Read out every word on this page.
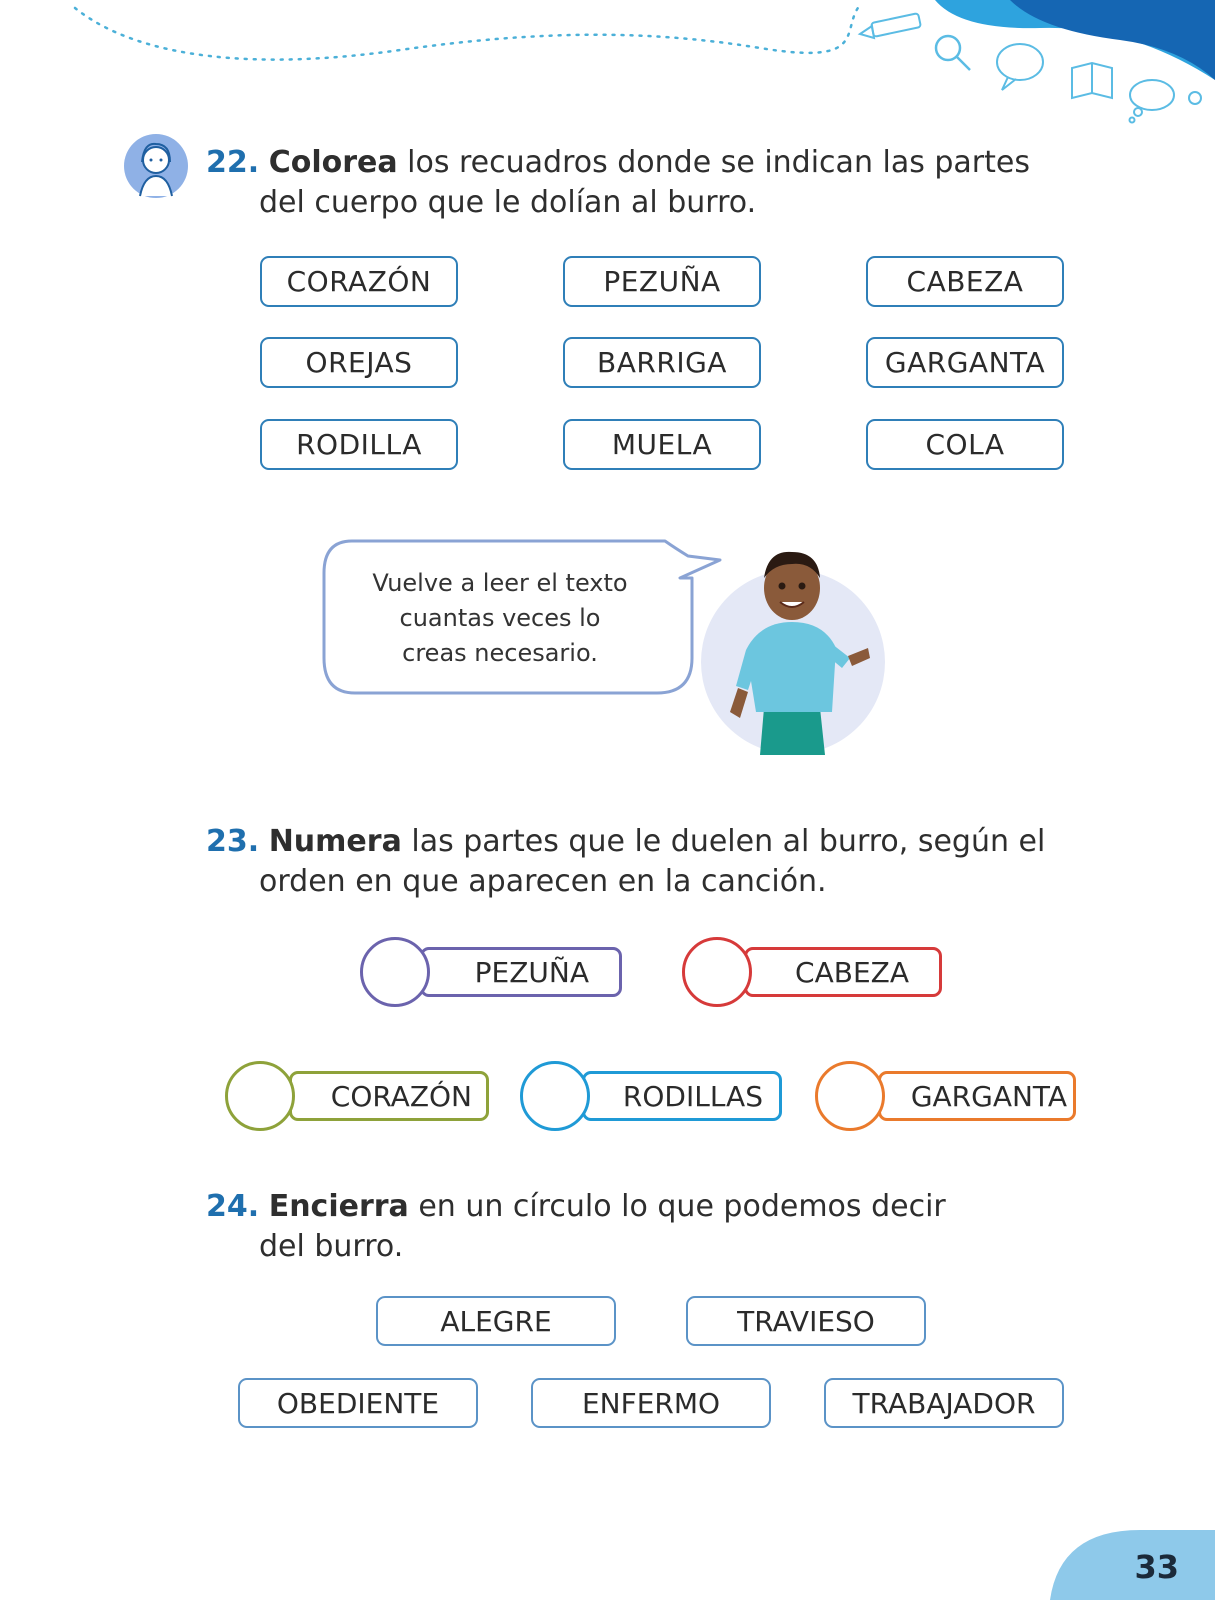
22. Colorea los recuadros donde se indican las partes
del cuerpo que le dolían al burro.
CORAZÓN	PEZUÑA	CABEZA
OREJAS	BARRIGA	GARGANTA
RODILLA	MUELA	COLA
Vuelve a leer el texto
cuantas veces lo
creas necesario.
23. Numera las partes que le duelen al burro, según el
orden en que aparecen en la canción.
PEZUÑA	CABEZA
CORAZÓN	RODILLAS	GARGANTA
24. Encierra en un círculo lo que podemos decir
del burro.
ALEGRE	TRAVIESO
OBEDIENTE	ENFERMO	TRABAJADOR
33
